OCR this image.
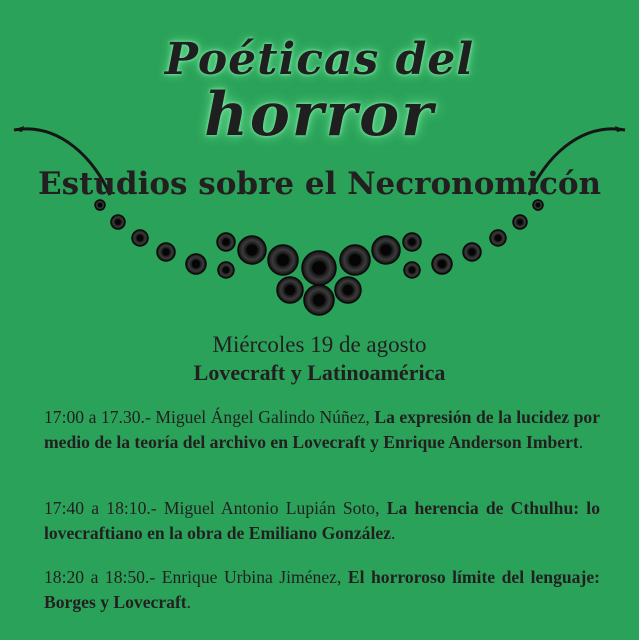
Poéticas del
horror
Estudios sobre el Necronomicón
Miércoles 19 de agosto
Lovecraft y Latinoamérica
17:00 a 17.30.- Miguel Ángel Galindo Núñez, La expresión de la lucidez por medio de la teoría del archivo en Lovecraft y Enrique Anderson Imbert.
17:40 a 18:10.- Miguel Antonio Lupián Soto, La herencia de Cthulhu: lo lovecraftiano en la obra de Emiliano González.
18:20 a 18:50.- Enrique Urbina Jiménez, El horroroso límite del lenguaje: Borges y Lovecraft.
